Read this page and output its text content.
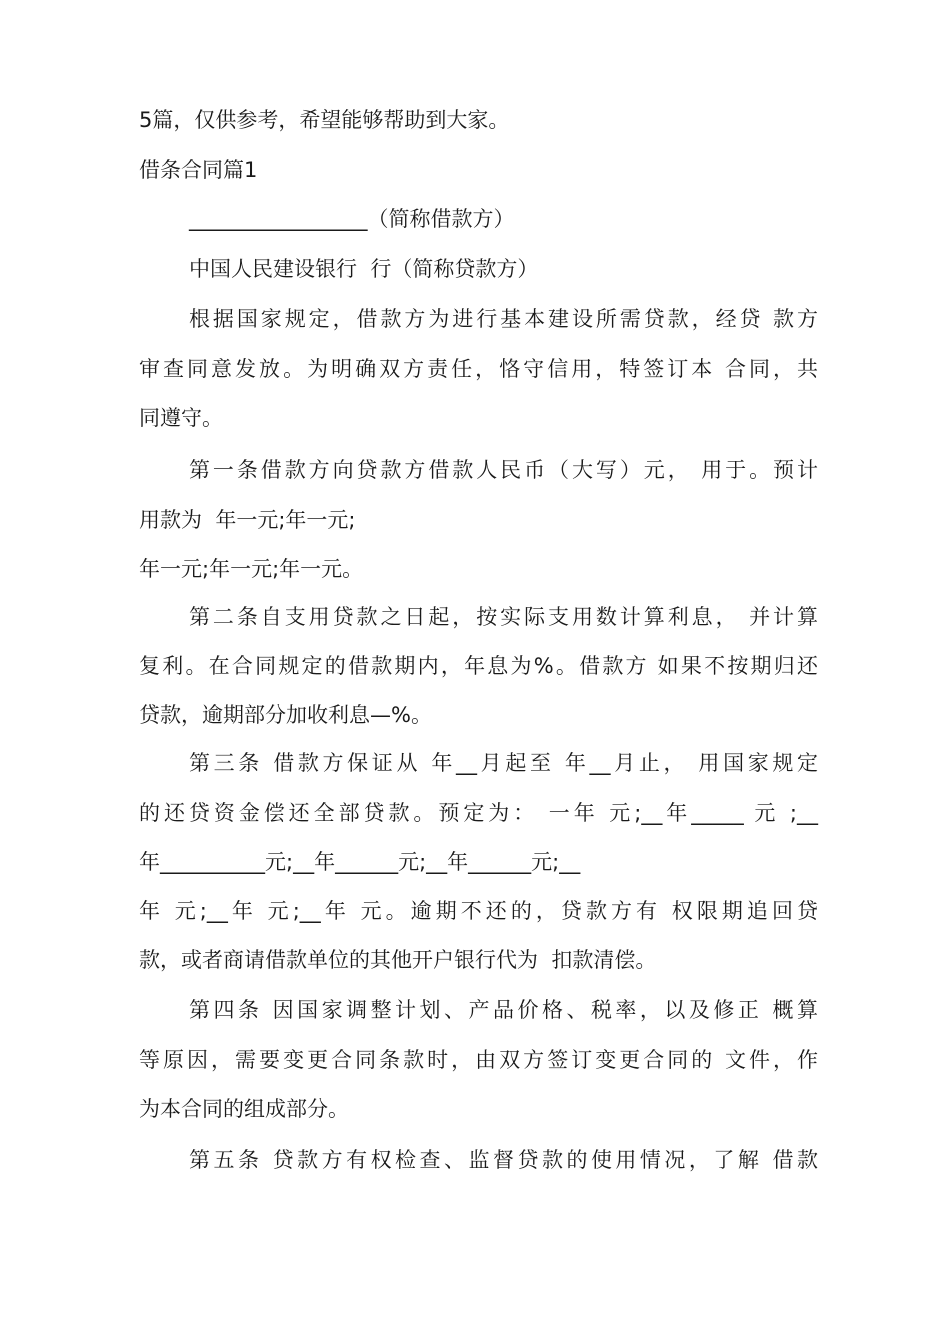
5篇，仅供参考，希望能够帮助到大家。
借条合同篇1
_________________（简称借款方）
中国人民建设银行  行（简称贷款方）
根据国家规定，借款方为进行基本建设所需贷款，经贷 款方
审查同意发放。为明确双方责任，恪守信用，特签订本 合同，共
同遵守。
第一条借款方向贷款方借款人民币（大写）元， 用于。预计
用款为  年一元;年一元;
年一元;年一元;年一元。
第二条自支用贷款之日起，按实际支用数计算利息， 并计算
复利。在合同规定的借款期内，年息为%。借款方 如果不按期归还
贷款，逾期部分加收利息—%。
第三条 借款方保证从 年__月起至 年__月止， 用国家规定
的还贷资金偿还全部贷款。预定为： 一年 元;__年_____ 元 ;__
年__________元;__年______元;__年______元;__
年 元;__年 元;__年 元。逾期不还的，贷款方有 权限期追回贷
款，或者商请借款单位的其他开户银行代为  扣款清偿。
第四条 因国家调整计划、产品价格、税率，以及修正 概算
等原因，需要变更合同条款时，由双方签订变更合同的 文件，作
为本合同的组成部分。
第五条 贷款方有权检查、监督贷款的使用情况，了解 借款
